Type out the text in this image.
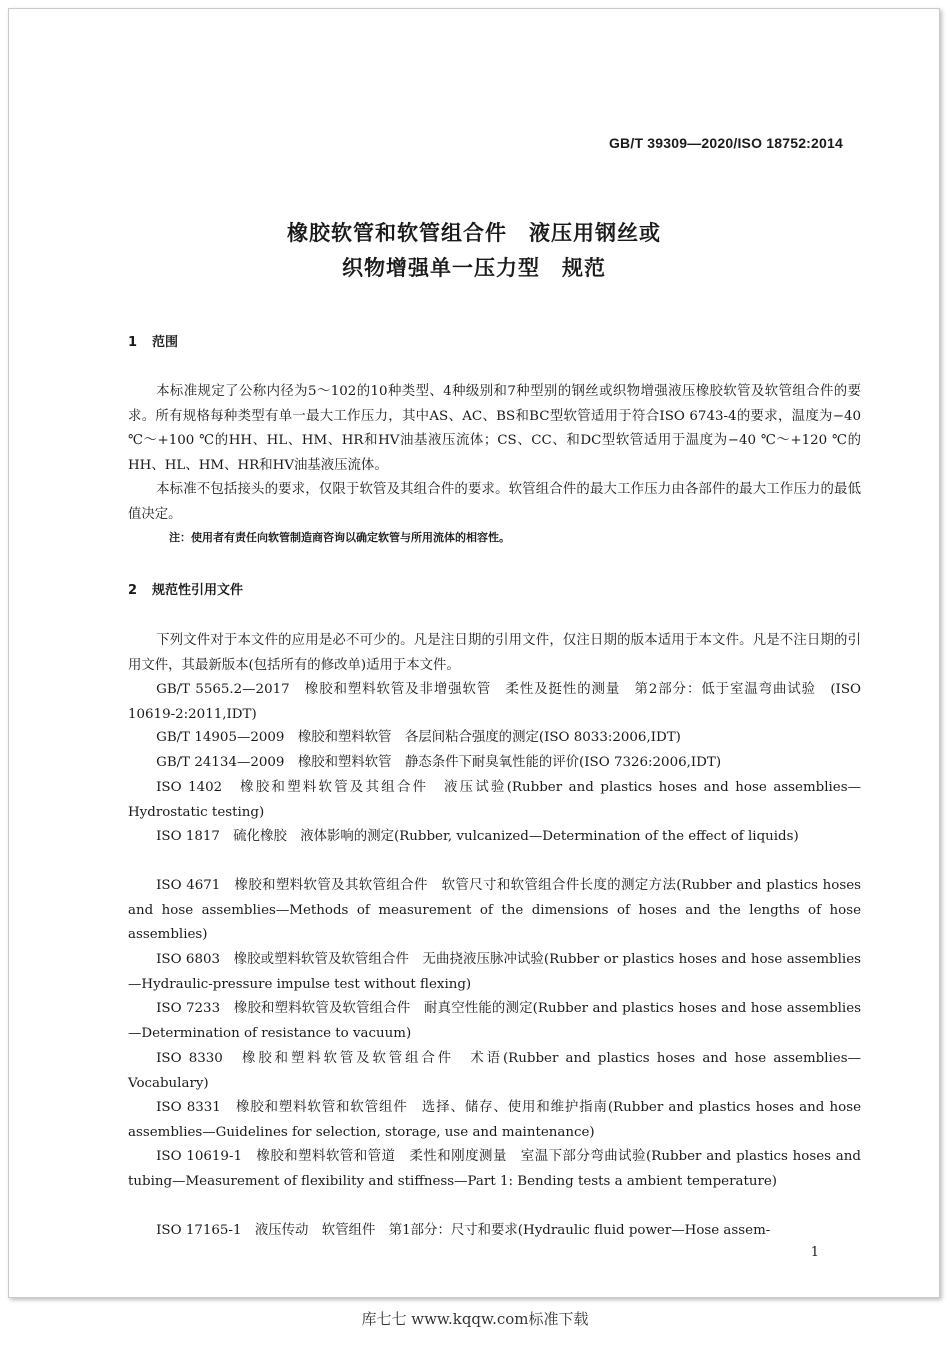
GB/T 39309—2020/ISO 18752:2014
橡胶软管和软管组合件　液压用钢丝或
织物增强单一压力型　规范
1 范围

本标准规定了公称内径为5～102的10种类型、4种级别和7种型别的钢丝或织物增强液压橡胶软管及软管组合件的要求。所有规格每种类型有单一最大工作压力，其中AS、AC、BS和BC型软管适用于符合ISO 6743-4的要求，温度为−40 ℃～+100 ℃的HH、HL、HM、HR和HV油基液压流体；CS、CC、和DC型软管适用于温度为−40 ℃～+120 ℃的HH、HL、HM、HR和HV油基液压流体。

本标准不包括接头的要求，仅限于软管及其组合件的要求。软管组合件的最大工作压力由各部件的最大工作压力的最低值决定。

注：使用者有责任向软管制造商咨询以确定软管与所用流体的相容性。
2 规范性引用文件

下列文件对于本文件的应用是必不可少的。凡是注日期的引用文件，仅注日期的版本适用于本文件。凡是不注日期的引用文件，其最新版本(包括所有的修改单)适用于本文件。

GB/T 5565.2—2017　橡胶和塑料软管及非增强软管　柔性及挺性的测量　第2部分：低于室温弯曲试验　(ISO 10619-2:2011,IDT)

GB/T 14905—2009　橡胶和塑料软管　各层间粘合强度的测定(ISO 8033:2006,IDT)

GB/T 24134—2009　橡胶和塑料软管　静态条件下耐臭氧性能的评价(ISO 7326:2006,IDT)

ISO 1402　橡胶和塑料软管及其组合件　液压试验(Rubber and plastics hoses and hose assemblies—Hydrostatic testing)

ISO 1817　硫化橡胶　液体影响的测定(Rubber, vulcanized—Determination of the effect of liquids)

ISO 4671　橡胶和塑料软管及其软管组合件　软管尺寸和软管组合件长度的测定方法(Rubber and plastics hoses and hose assemblies—Methods of measurement of the dimensions of hoses and the lengths of hose assemblies)

ISO 6803　橡胶或塑料软管及软管组合件　无曲挠液压脉冲试验(Rubber or plastics hoses and hose assemblies—Hydraulic-pressure impulse test without flexing)

ISO 7233　橡胶和塑料软管及软管组合件　耐真空性能的测定(Rubber and plastics hoses and hose assemblies—Determination of resistance to vacuum)

ISO 8330　橡胶和塑料软管及软管组合件　术语(Rubber and plastics hoses and hose assemblies—Vocabulary)

ISO 8331　橡胶和塑料软管和软管组件　选择、储存、使用和维护指南(Rubber and plastics hoses and hose assemblies—Guidelines for selection, storage, use and maintenance)

ISO 10619-1　橡胶和塑料软管和管道　柔性和刚度测量　室温下部分弯曲试验(Rubber and plastics hoses and tubing—Measurement of flexibility and stiffness—Part 1: Bending tests a ambient temperature)

ISO 17165-1　液压传动　软管组件　第1部分：尺寸和要求(Hydraulic fluid power—Hose assem-

1
库七七 www.kqqw.com标准下载
